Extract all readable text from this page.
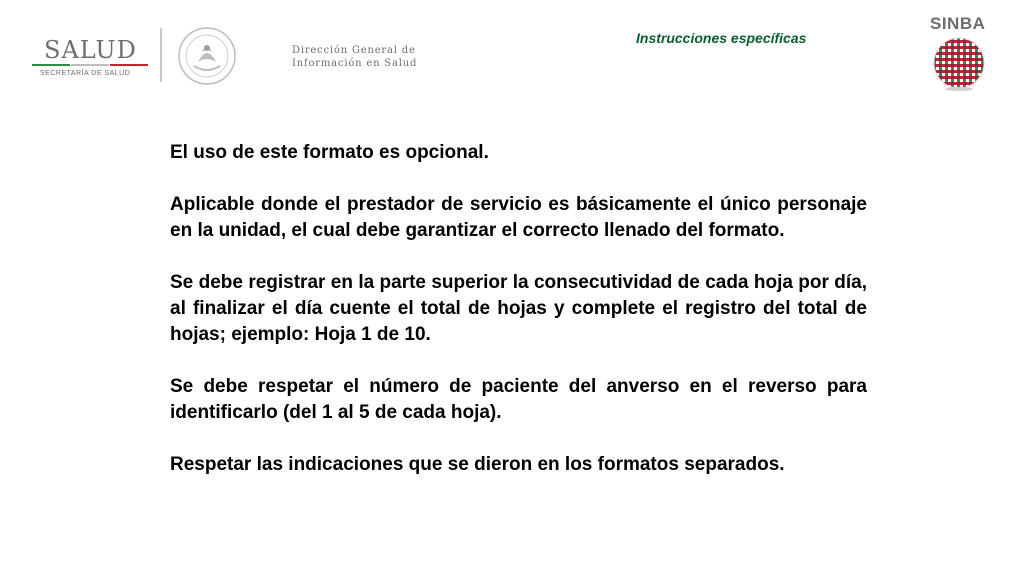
SALUD
SECRETARÍA DE SALUD
Dirección General de
Información en Salud
Instrucciones específicas
SINBA

El uso de este formato es opcional.

Aplicable donde el prestador de servicio es básicamente el único personaje en la unidad, el cual debe garantizar el correcto llenado del formato.

Se debe registrar en la parte superior la consecutividad de cada hoja por día, al finalizar el día cuente el total de hojas y complete el registro del total de hojas; ejemplo: Hoja 1 de 10.

Se debe respetar el número de paciente del anverso en el reverso para identificarlo (del 1 al 5 de cada hoja).

Respetar las indicaciones que se dieron en los formatos separados.
